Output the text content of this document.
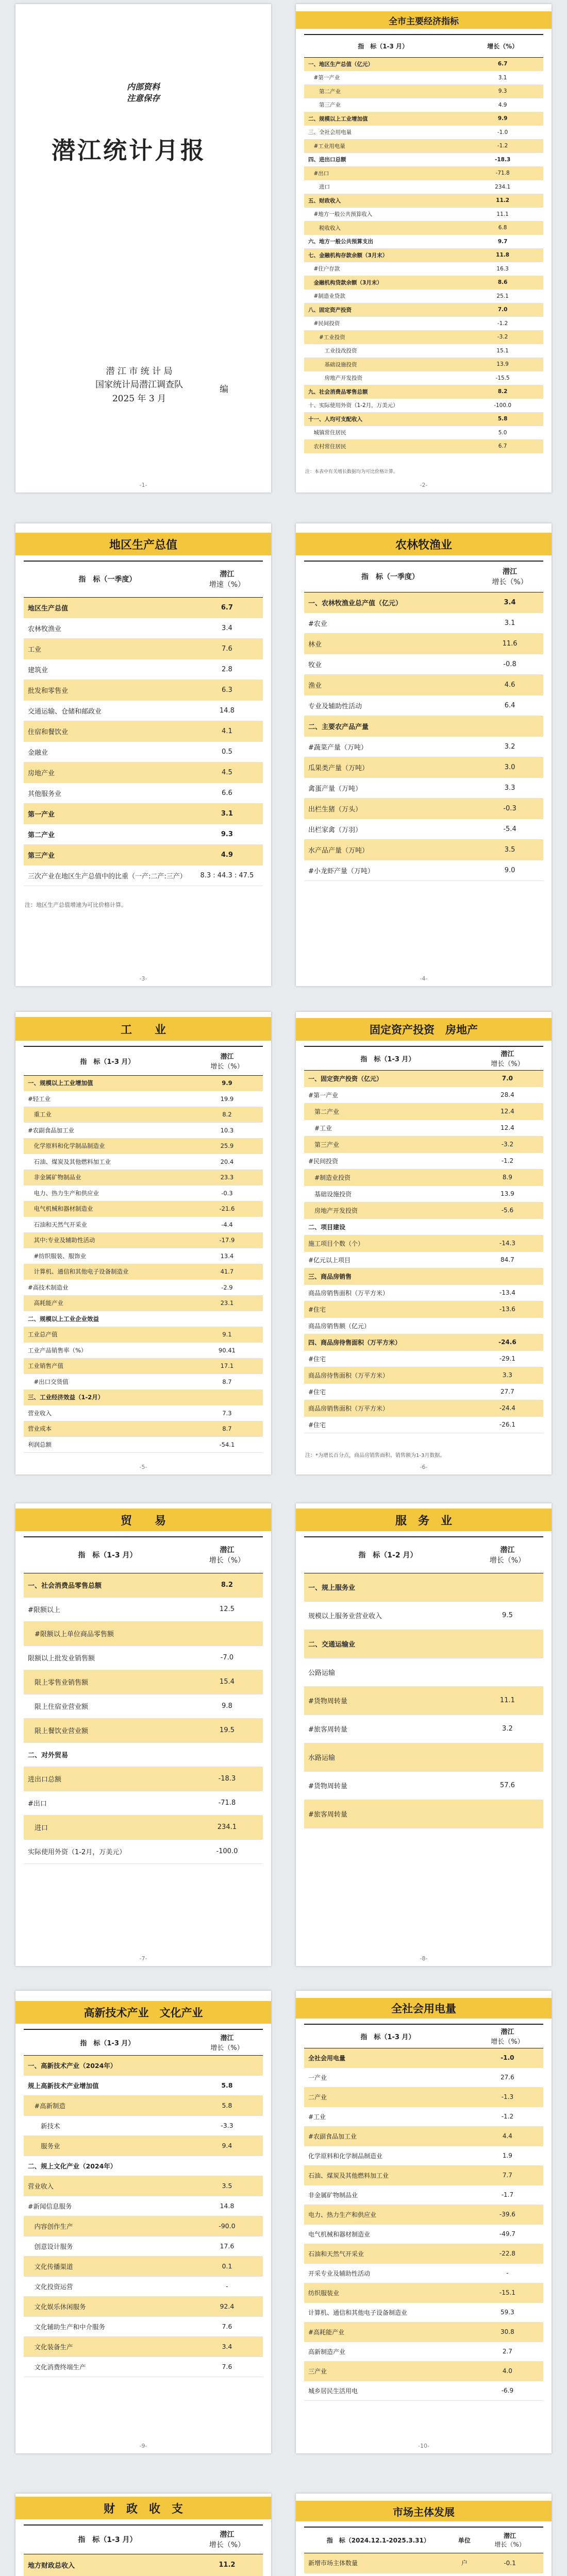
内部资料
注意保存
潜江统计月报
潜 江 市 统 计 局
国家统计局潜江调查队
2025 年 3 月
编
-1-
全市主要经济指标
指　标（1-3 月）	增长（%）

一、地区生产总值（亿元）	6.7
　#第一产业	3.1
　　第二产业	9.3
　　第三产业	4.9
二、规模以上工业增加值	9.9
三、全社会用电量	-1.0
　#工业用电量	-1.2
四、进出口总额	-18.3
　#出口	-71.8
　　进口	234.1
五、财政收入	11.2
　#地方一般公共预算收入	11.1
　　税收收入	6.8
六、地方一般公共预算支出	9.7
七、金融机构存款余额（3月末）	11.8
　#住户存款	16.3
　金融机构贷款余额（3月末）	8.6
　#制造业贷款	25.1
八、固定资产投资	7.0
　#民间投资	-1.2
　　#工业投资	-3.2
　　　工业技改投资	15.1
　　　基础设施投资	13.9
　　　房地产开发投资	-15.5
九、社会消费品零售总额	8.2
十、实际使用外资（1-2月，万美元）	-100.0
十一、人均可支配收入	5.8
　城镇常住居民	5.0
　农村常住居民	6.7
注：本表中有关增长数据均为可比价格计算。
-2-
地区生产总值
指　标（一季度）	潜江
增速（%）

地区生产总值	6.7
农林牧渔业	3.4
工业	7.6
建筑业	2.8
批发和零售业	6.3
交通运输、仓储和邮政业	14.8
住宿和餐饮业	4.1
金融业	0.5
房地产业	4.5
其他服务业	6.6
第一产业	3.1
第二产业	9.3
第三产业	4.9
三次产业在地区生产总值中的比重（一产:二产:三产）	8.3 : 44.3 : 47.5
注：地区生产总值增速为可比价格计算。
-3-
农林牧渔业
指　标（一季度）	潜江
增长（%）

一、农林牧渔业总产值（亿元）	3.4
#农业	3.1
林业	11.6
牧业	-0.8
渔业	4.6
专业及辅助性活动	6.4
二、主要农产品产量	
#蔬菜产量（万吨）	3.2
瓜果类产量（万吨）	3.0
禽蛋产量（万吨）	3.3
出栏生猪（万头）	-0.3
出栏家禽（万羽）	-5.4
水产品产量（万吨）	3.5
#小龙虾产量（万吨）	9.0
-4-
工　　业
指　标（1-3 月）	潜江
增长（%）

一、规模以上工业增加值	9.9
#轻工业	19.9
　重工业	8.2
#农副食品加工业	10.3
　化学原料和化学制品制造业	25.9
　石油、煤炭及其他燃料加工业	20.4
　非金属矿物制品业	23.3
　电力、热力生产和供应业	-0.3
　电气机械和器材制造业	-21.6
　石油和天然气开采业	-4.4
　其中:专业及辅助性活动	-17.9
　#纺织服装、服饰业	13.4
　计算机、通信和其他电子设备制造业	41.7
#高技术制造业	-2.9
　高耗能产业	23.1
二、规模以上工业企业效益	
工业总产值	9.1
工业产品销售率（%）	90.41
工业销售产值	17.1
　#出口交货值	8.7
三、工业经济效益（1-2月）	
营业收入	7.3
营业成本	8.7
利润总额	-54.1
-5-
固定资产投资　房地产
指　标（1-3 月）	潜江
增长（%）

一、固定资产投资（亿元）	7.0
#第一产业	28.4
　第二产业	12.4
　#工业	12.4
　第三产业	-3.2
#民间投资	-1.2
　#制造业投资	8.9
　基础设施投资	13.9
　房地产开发投资	-5.6
二、项目建设	
施工项目个数（个）	-14.3
#亿元以上项目	84.7
三、商品房销售	
商品房销售面积（万平方米）	-13.4
#住宅	-13.6
商品房销售额（亿元）	
四、商品房待售面积（万平方米）	-24.6
#住宅	-29.1
商品房待售面积（万平方米）	3.3
#住宅	27.7
商品房销售面积（万平方米）	-24.4
#住宅	-26.1
注：*为增长百分点，商品房销售面积、销售额为1-3月数据。
-6-
贸　　易
指　标（1-3 月）	潜江
增长（%）

一、社会消费品零售总额	8.2
#限额以上	12.5
　#限额以上单位商品零售额	
限额以上批发业销售额	-7.0
　限上零售业销售额	15.4
　限上住宿业营业额	9.8
　限上餐饮业营业额	19.5
二、对外贸易	
进出口总额	-18.3
#出口	-71.8
　进口	234.1
实际使用外资（1-2月，万美元）	-100.0
-7-
服　务　业
指　标（1-2 月）	潜江
增长（%）

一、规上服务业	
规模以上服务业营业收入	9.5
二、交通运输业	
公路运输	
#货物周转量	11.1
#旅客周转量	3.2
水路运输	
#货物周转量	57.6
#旅客周转量	
-8-
高新技术产业　文化产业
指　标（1-3 月）	潜江
增长（%）

一、高新技术产业（2024年）	
规上高新技术产业增加值	5.8
　#高新制造	5.8
　　新技术	-3.3
　　服务业	9.4
二、规上文化产业（2024年）	
营业收入	3.5
#新闻信息服务	14.8
　内容创作生产	-90.0
　创意设计服务	17.6
　文化传播渠道	0.1
　文化投资运营	-
　文化娱乐休闲服务	92.4
　文化辅助生产和中介服务	7.6
　文化装备生产	3.4
　文化消费终端生产	7.6
-9-
全社会用电量
指　标（1-3 月）	潜江
增长（%）

全社会用电量	-1.0
一产业	27.6
二产业	-1.3
#工业	-1.2
#农副食品加工业	4.4
化学原料和化学制品制造业	1.9
石油、煤炭及其他燃料加工业	7.7
非金属矿物制品业	-1.7
电力、热力生产和供应业	-39.6
电气机械和器材制造业	-49.7
石油和天然气开采业	-22.8
开采专业及辅助性活动	-
纺织服装业	-15.1
计算机、通信和其他电子设备制造业	59.3
#高耗能产业	30.8
高新制造产业	2.7
三产业	4.0
城乡居民生活用电	-6.9
-10-
财　政　收　支
指　标（1-3 月）	潜江
增长（%）

地方财政总收入	11.2

市场主体发展
指　标（2024.12.1-2025.3.31）	单位	潜江
增长（%）

新增市场主体数量	户	-0.1
